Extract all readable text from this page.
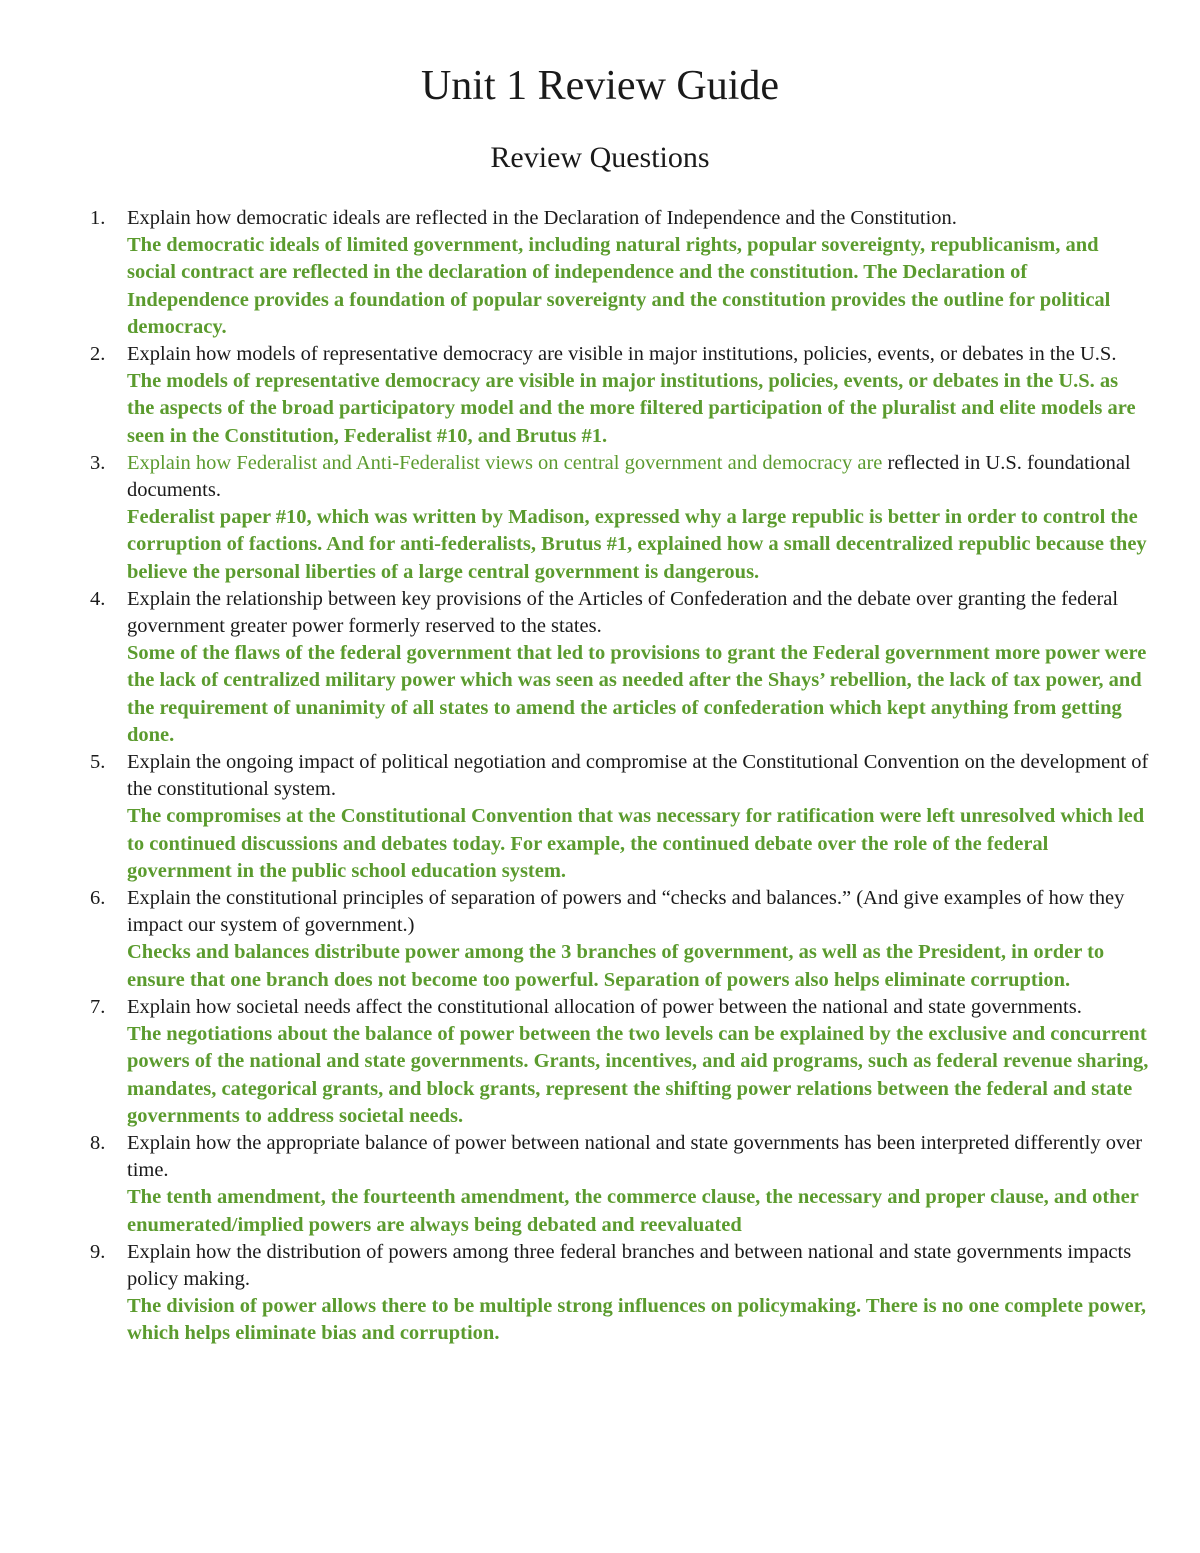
Unit 1 Review Guide
Review Questions
1. Explain how democratic ideals are reflected in the Declaration of Independence and the Constitution.
The democratic ideals of limited government, including natural rights, popular sovereignty, republicanism, and social contract are reflected in the declaration of independence and the constitution. The Declaration of Independence provides a foundation of popular sovereignty and the constitution provides the outline for political democracy.
2. Explain how models of representative democracy are visible in major institutions, policies, events, or debates in the U.S.
The models of representative democracy are visible in major institutions, policies, events, or debates in the U.S. as the aspects of the broad participatory model and the more filtered participation of the pluralist and elite models are seen in the Constitution, Federalist #10, and Brutus #1.
3. Explain how Federalist and Anti-Federalist views on central government and democracy are reflected in U.S. foundational documents.
Federalist paper #10, which was written by Madison, expressed why a large republic is better in order to control the corruption of factions. And for anti-federalists, Brutus #1, explained how a small decentralized republic because they believe the personal liberties of a large central government is dangerous.
4. Explain the relationship between key provisions of the Articles of Confederation and the debate over granting the federal government greater power formerly reserved to the states.
Some of the flaws of the federal government that led to provisions to grant the Federal government more power were the lack of centralized military power which was seen as needed after the Shays’ rebellion, the lack of tax power, and the requirement of unanimity of all states to amend the articles of confederation which kept anything from getting done.
5. Explain the ongoing impact of political negotiation and compromise at the Constitutional Convention on the development of the constitutional system.
The compromises at the Constitutional Convention that was necessary for ratification were left unresolved which led to continued discussions and debates today. For example, the continued debate over the role of the federal government in the public school education system.
6. Explain the constitutional principles of separation of powers and “checks and balances.” (And give examples of how they impact our system of government.)
Checks and balances distribute power among the 3 branches of government, as well as the President, in order to ensure that one branch does not become too powerful. Separation of powers also helps eliminate corruption.
7. Explain how societal needs affect the constitutional allocation of power between the national and state governments.
The negotiations about the balance of power between the two levels can be explained by the exclusive and concurrent powers of the national and state governments. Grants, incentives, and aid programs, such as federal revenue sharing, mandates, categorical grants, and block grants, represent the shifting power relations between the federal and state governments to address societal needs.
8. Explain how the appropriate balance of power between national and state governments has been interpreted differently over time.
The tenth amendment, the fourteenth amendment, the commerce clause, the necessary and proper clause, and other enumerated/implied powers are always being debated and reevaluated
9. Explain how the distribution of powers among three federal branches and between national and state governments impacts policy making.
The division of power allows there to be multiple strong influences on policymaking. There is no one complete power, which helps eliminate bias and corruption.
